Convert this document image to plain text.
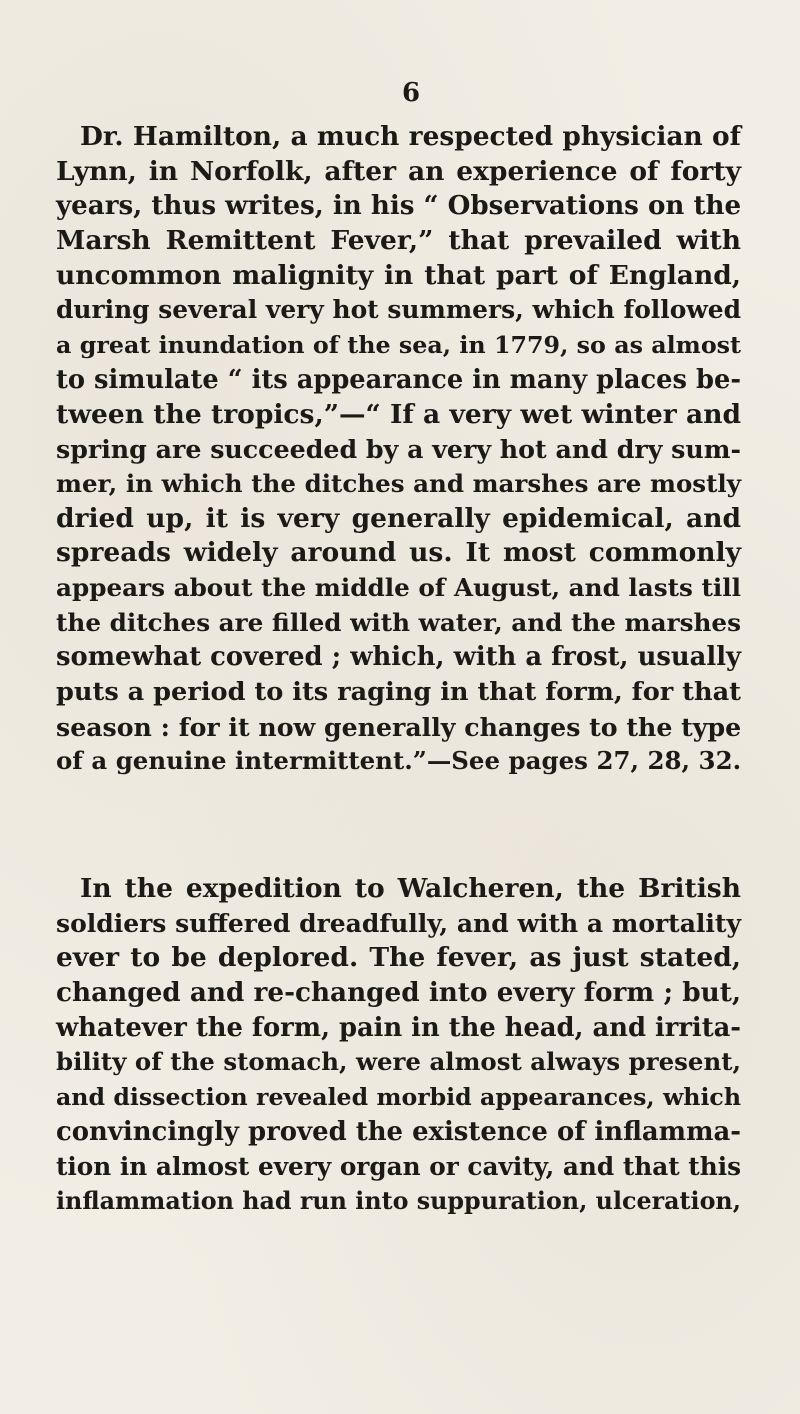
6
Dr. Hamilton, a much respected physician of
Lynn, in Norfolk, after an experience of forty
years, thus writes, in his “ Observations on the
Marsh Remittent Fever,” that prevailed with
uncommon malignity in that part of England,
during several very hot summers, which followed
a great inundation of the sea, in 1779, so as almost
to simulate “ its appearance in many places be-
tween the tropics,”—“ If a very wet winter and
spring are succeeded by a very hot and dry sum-
mer, in which the ditches and marshes are mostly
dried up, it is very generally epidemical, and
spreads widely around us. It most commonly
appears about the middle of August, and lasts till
the ditches are filled with water, and the marshes
somewhat covered ; which, with a frost, usually
puts a period to its raging in that form, for that
season : for it now generally changes to the type
of a genuine intermittent.”—See pages 27, 28, 32.
In the expedition to Walcheren, the British
soldiers suffered dreadfully, and with a mortality
ever to be deplored. The fever, as just stated,
changed and re-changed into every form ; but,
whatever the form, pain in the head, and irrita-
bility of the stomach, were almost always present,
and dissection revealed morbid appearances, which
convincingly proved the existence of inflamma-
tion in almost every organ or cavity, and that this
inflammation had run into suppuration, ulceration,
